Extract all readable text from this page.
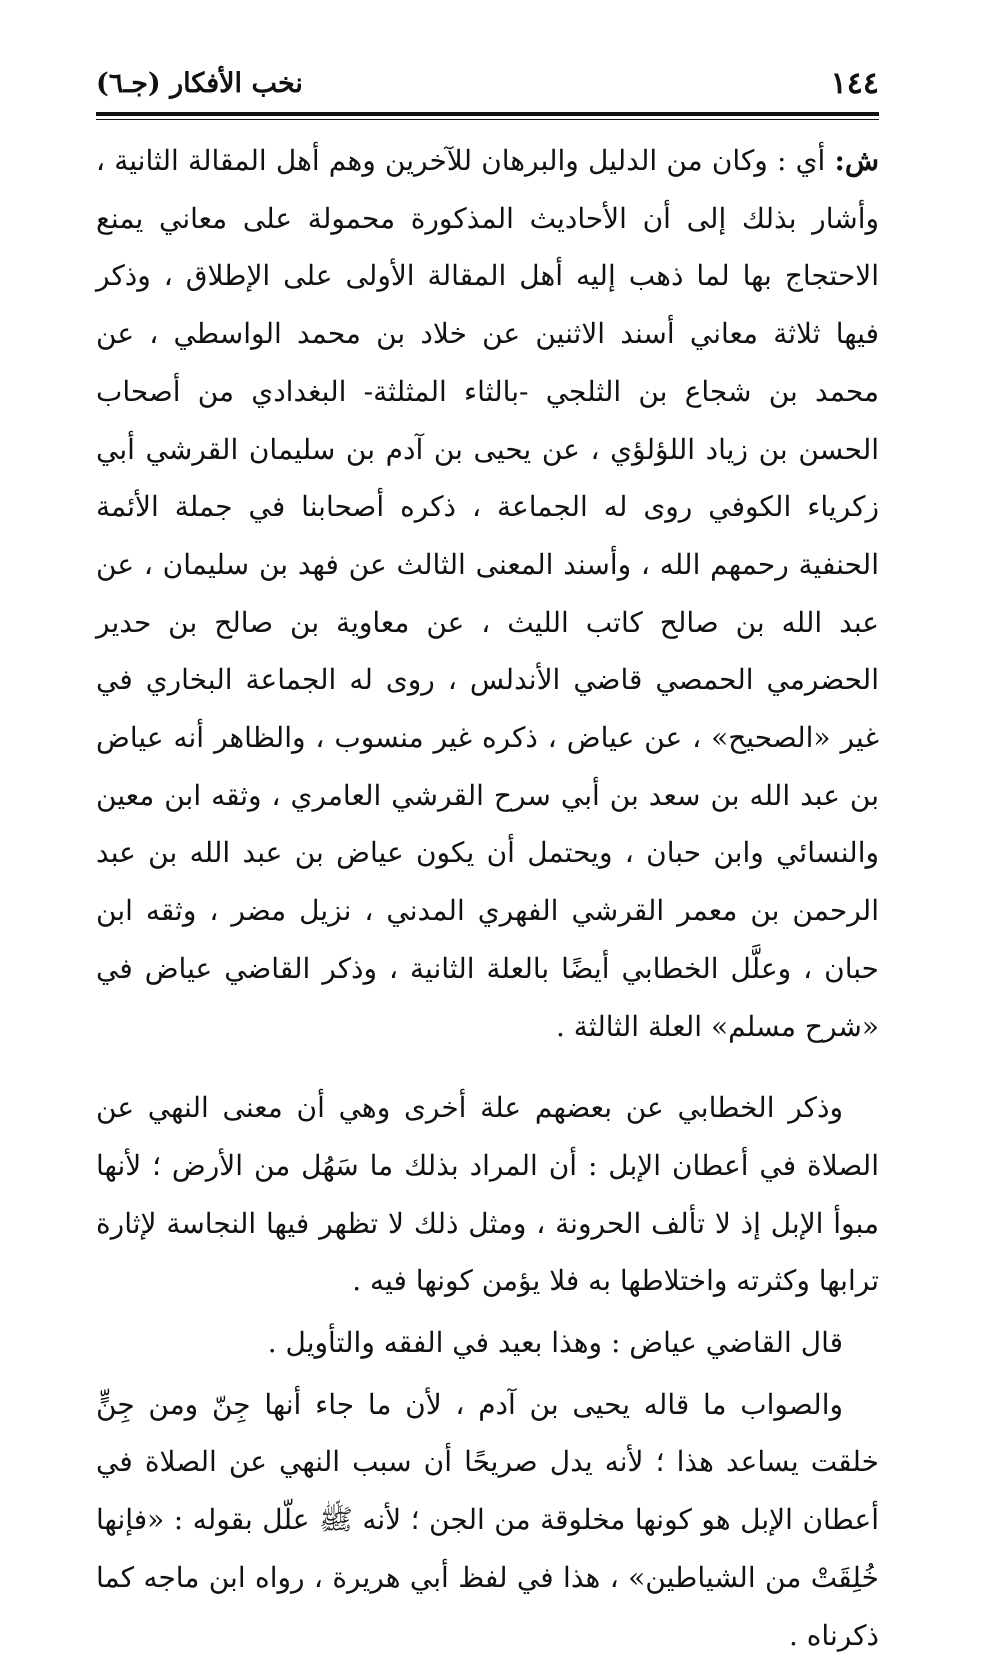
١٤٤
نخب الأفكار (جـ٦)

ش: أي : وكان من الدليل والبرهان للآخرين وهم أهل المقالة الثانية ، وأشار بذلك إلى أن الأحاديث المذكورة محمولة على معاني يمنع الاحتجاج بها لما ذهب إليه أهل المقالة الأولى على الإطلاق ، وذكر فيها ثلاثة معاني أسند الاثنين عن خلاد بن محمد الواسطي ، عن محمد بن شجاع بن الثلجي -بالثاء المثلثة- البغدادي من أصحاب الحسن بن زياد اللؤلؤي ، عن يحيى بن آدم بن سليمان القرشي أبي زكرياء الكوفي روى له الجماعة ، ذكره أصحابنا في جملة الأئمة الحنفية رحمهم الله ، وأسند المعنى الثالث عن فهد بن سليمان ، عن عبد الله بن صالح كاتب الليث ، عن معاوية بن صالح بن حدير الحضرمي الحمصي قاضي الأندلس ، روى له الجماعة البخاري في غير «الصحيح» ، عن عياض ، ذكره غير منسوب ، والظاهر أنه عياض بن عبد الله بن سعد بن أبي سرح القرشي العامري ، وثقه ابن معين والنسائي وابن حبان ، ويحتمل أن يكون عياض بن عبد الله بن عبد الرحمن بن معمر القرشي الفهري المدني ، نزيل مضر ، وثقه ابن حبان ، وعلَّل الخطابي أيضًا بالعلة الثانية ، وذكر القاضي عياض في «شرح مسلم» العلة الثالثة .

وذكر الخطابي عن بعضهم علة أخرى وهي أن معنى النهي عن الصلاة في أعطان الإبل : أن المراد بذلك ما سَهُل من الأرض ؛ لأنها مبوأ الإبل إذ لا تألف الحرونة ، ومثل ذلك لا تظهر فيها النجاسة لإثارة ترابها وكثرته واختلاطها به فلا يؤمن كونها فيه .

قال القاضي عياض : وهذا بعيد في الفقه والتأويل .

والصواب ما قاله يحيى بن آدم ، لأن ما جاء أنها جِنّ ومن جِنٍّ خلقت يساعد هذا ؛ لأنه يدل صريحًا أن سبب النهي عن الصلاة في أعطان الإبل هو كونها مخلوقة من الجن ؛ لأنه ﷺ علّل بقوله : «فإنها خُلِقَتْ من الشياطين» ، هذا في لفظ أبي هريرة ، رواه ابن ماجه كما ذكرناه .
